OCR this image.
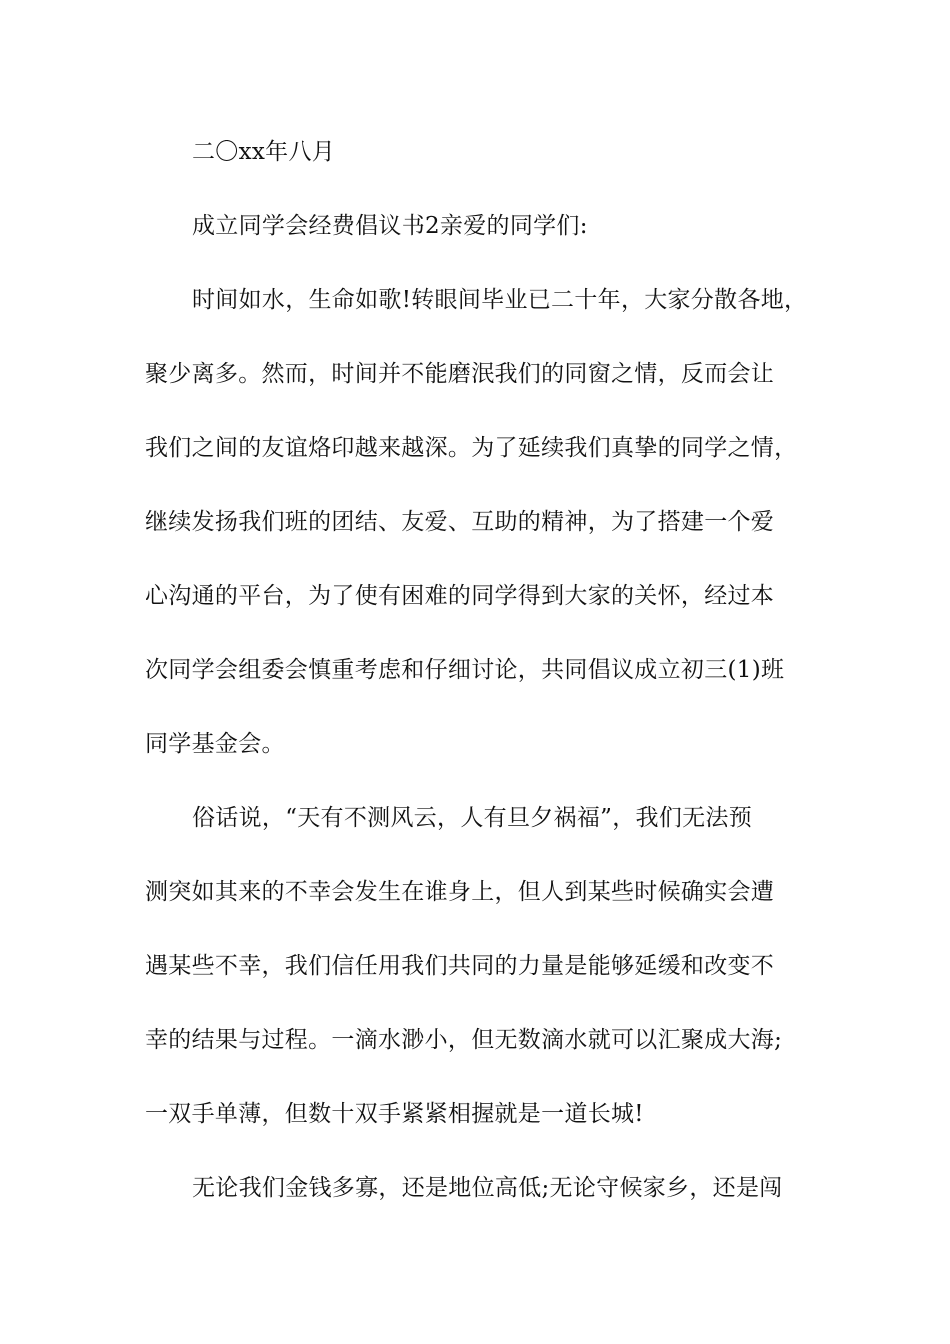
二〇xx年八月
成立同学会经费倡议书2亲爱的同学们:
时间如水，生命如歌!转眼间毕业已二十年，大家分散各地，
聚少离多。然而，时间并不能磨泯我们的同窗之情，反而会让
我们之间的友谊烙印越来越深。为了延续我们真挚的同学之情，
继续发扬我们班的团结、友爱、互助的精神，为了搭建一个爱
心沟通的平台，为了使有困难的同学得到大家的关怀，经过本
次同学会组委会慎重考虑和仔细讨论，共同倡议成立初三(1)班
同学基金会。
俗话说，“天有不测风云，人有旦夕祸福”，我们无法预
测突如其来的不幸会发生在谁身上，但人到某些时候确实会遭
遇某些不幸，我们信任用我们共同的力量是能够延缓和改变不
幸的结果与过程。一滴水渺小，但无数滴水就可以汇聚成大海;
一双手单薄，但数十双手紧紧相握就是一道长城!
无论我们金钱多寡，还是地位高低;无论守候家乡，还是闯
